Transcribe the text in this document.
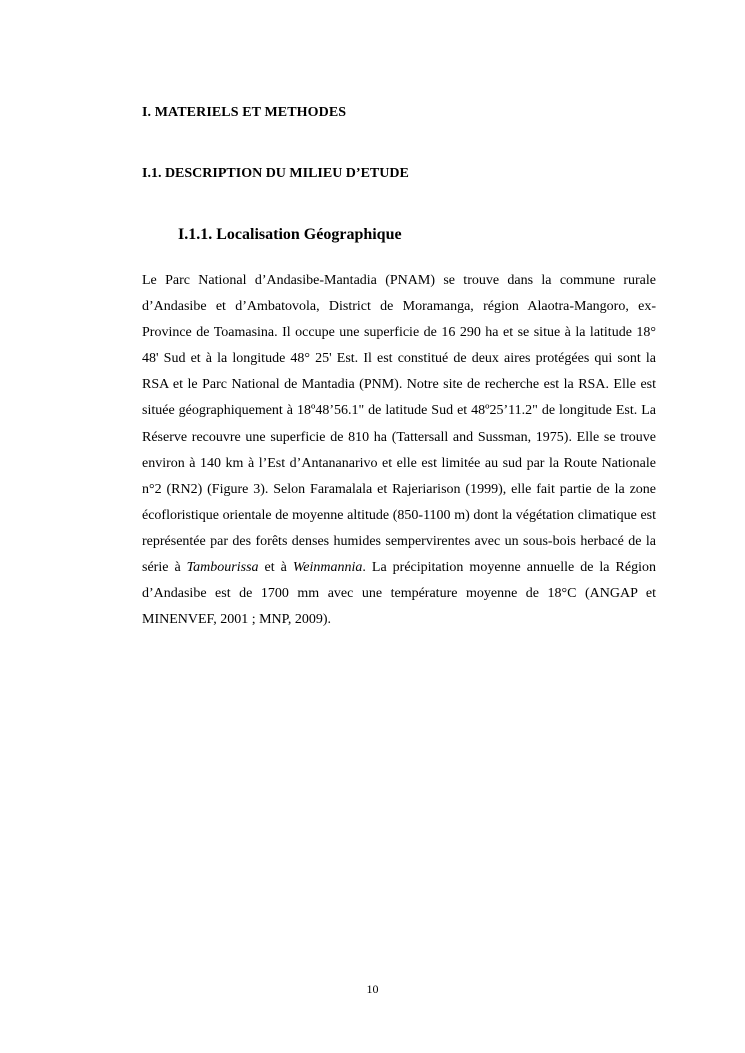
I. MATERIELS ET METHODES
I.1. DESCRIPTION DU MILIEU D’ETUDE
I.1.1. Localisation Géographique

Le Parc National d’Andasibe-Mantadia (PNAM) se trouve dans la commune rurale d’Andasibe et d’Ambatovola, District de Moramanga, région Alaotra-Mangoro, ex-Province de Toamasina. Il occupe une superficie de 16 290 ha et se situe à la latitude 18° 48' Sud et à la longitude 48° 25' Est. Il est constitué de deux aires protégées qui sont la RSA et le Parc National de Mantadia (PNM). Notre site de recherche est la RSA. Elle est située géographiquement à 18º48’56.1" de latitude Sud et 48º25’11.2" de longitude Est. La Réserve recouvre une superficie de 810 ha (Tattersall and Sussman, 1975). Elle se trouve environ à 140 km à l’Est d’Antananarivo et elle est limitée au sud par la Route Nationale n°2 (RN2) (Figure 3). Selon Faramalala et Rajeriarison (1999), elle fait partie de la zone écofloristique orientale de moyenne altitude (850-1100 m) dont la végétation climatique est représentée par des forêts denses humides sempervirentes avec un sous-bois herbacé de la série à Tambourissa et à Weinmannia. La précipitation moyenne annuelle de la Région d’Andasibe est de 1700 mm avec une température moyenne de 18°C (ANGAP et MINENVEF, 2001 ; MNP, 2009).

10
